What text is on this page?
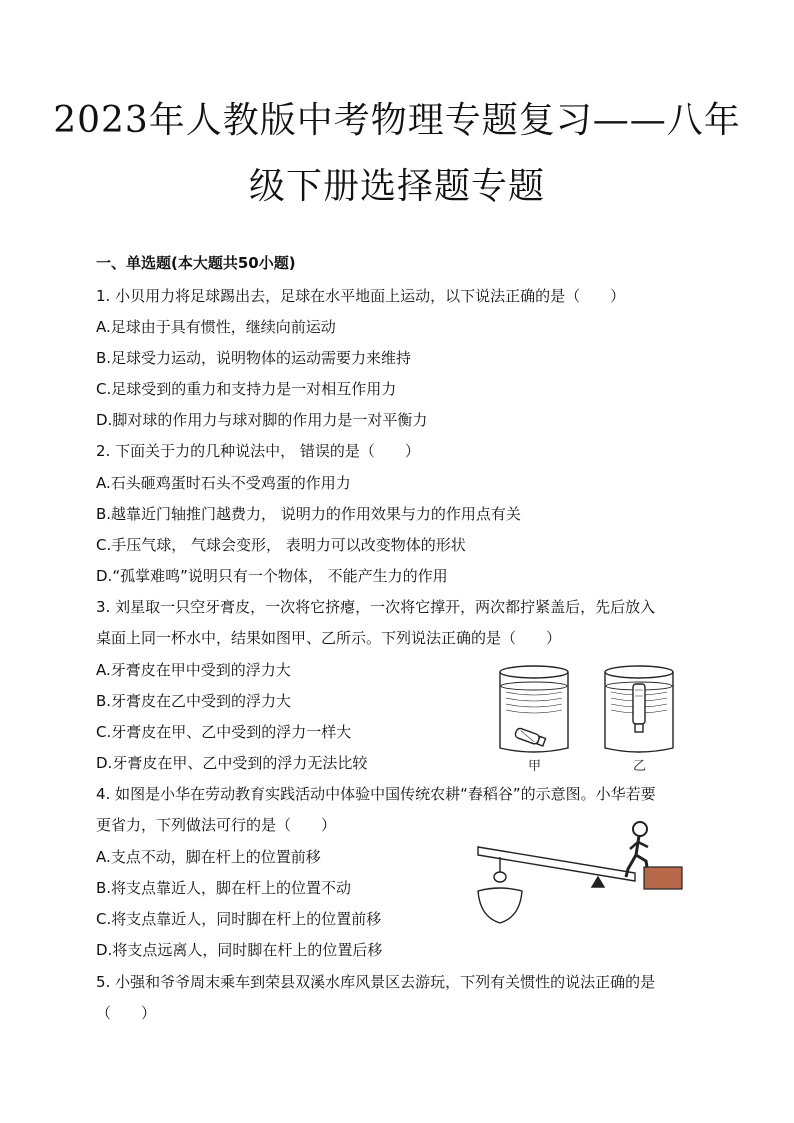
2023年人教版中考物理专题复习——八年
级下册选择题专题
一、单选题(本大题共50小题)
1. 小贝用力将足球踢出去，足球在水平地面上运动，以下说法正确的是（　　）
A.足球由于具有惯性，继续向前运动
B.足球受力运动，说明物体的运动需要力来维持
C.足球受到的重力和支持力是一对相互作用力
D.脚对球的作用力与球对脚的作用力是一对平衡力
2. 下面关于力的几种说法中， 错误的是（　　）
A.石头砸鸡蛋时石头不受鸡蛋的作用力
B.越靠近门轴推门越费力， 说明力的作用效果与力的作用点有关
C.手压气球， 气球会变形， 表明力可以改变物体的形状
D.“孤掌难鸣”说明只有一个物体， 不能产生力的作用
3. 刘星取一只空牙膏皮，一次将它挤瘪，一次将它撑开，两次都拧紧盖后，先后放入
桌面上同一杯水中，结果如图甲、乙所示。下列说法正确的是（　　）
A.牙膏皮在甲中受到的浮力大
B.牙膏皮在乙中受到的浮力大
C.牙膏皮在甲、乙中受到的浮力一样大
D.牙膏皮在甲、乙中受到的浮力无法比较	甲	乙
4. 如图是小华在劳动教育实践活动中体验中国传统农耕“舂稻谷”的示意图。小华若要
更省力，下列做法可行的是（　　）
A.支点不动，脚在杆上的位置前移
B.将支点靠近人，脚在杆上的位置不动
C.将支点靠近人，同时脚在杆上的位置前移
D.将支点远离人，同时脚在杆上的位置后移
5. 小强和爷爷周末乘车到荣县双溪水库风景区去游玩，下列有关惯性的说法正确的是
（　　）
